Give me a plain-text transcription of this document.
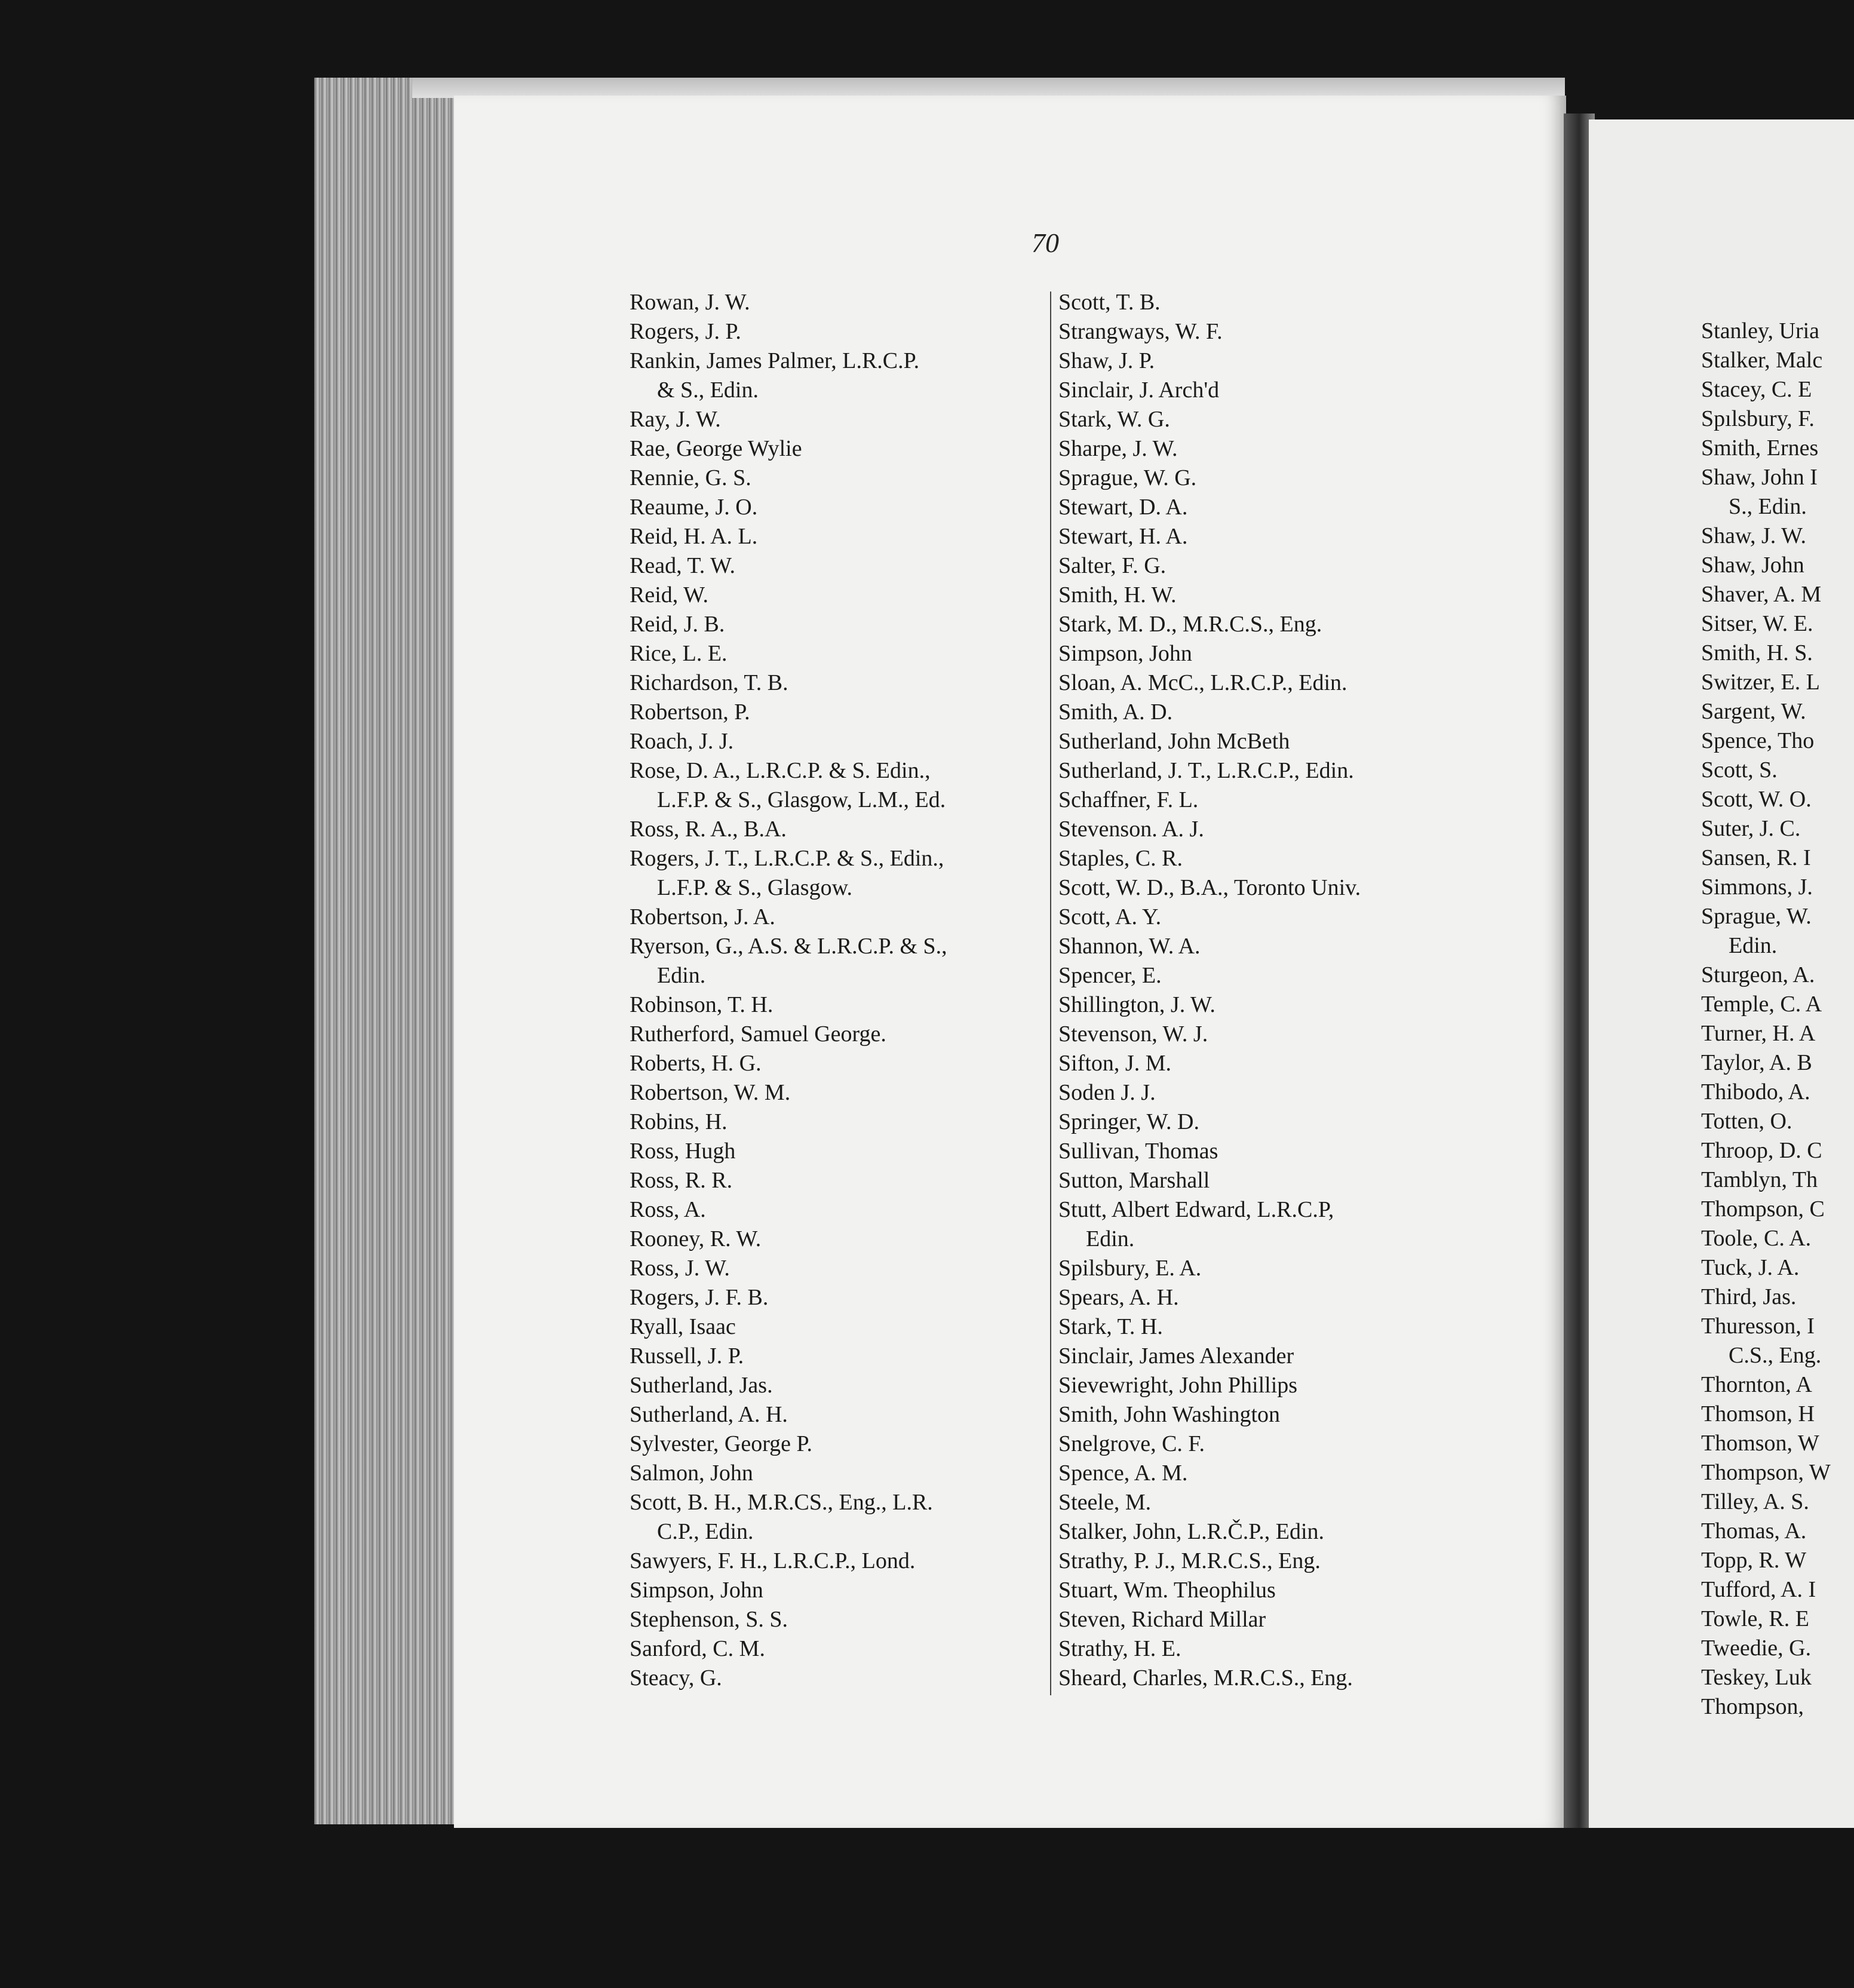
70
Rowan, J. W.
Rogers, J. P.
Rankin, James Palmer, L.R.C.P.
& S., Edin.
Ray, J. W.
Rae, George Wylie
Rennie, G. S.
Reaume, J. O.
Reid, H. A. L.
Read, T. W.
Reid, W.
Reid, J. B.
Rice, L. E.
Richardson, T. B.
Robertson, P.
Roach, J. J.
Rose, D. A., L.R.C.P. & S. Edin.,
L.F.P. & S., Glasgow, L.M., Ed.
Ross, R. A., B.A.
Rogers, J. T., L.R.C.P. & S., Edin.,
L.F.P. & S., Glasgow.
Robertson, J. A.
Ryerson, G., A.S. & L.R.C.P. & S.,
Edin.
Robinson, T. H.
Rutherford, Samuel George.
Roberts, H. G.
Robertson, W. M.
Robins, H.
Ross, Hugh
Ross, R. R.
Ross, A.
Rooney, R. W.
Ross, J. W.
Rogers, J. F. B.
Ryall, Isaac
Russell, J. P.
Sutherland, Jas.
Sutherland, A. H.
Sylvester, George P.
Salmon, John
Scott, B. H., M.R.CS., Eng., L.R.
C.P., Edin.
Sawyers, F. H., L.R.C.P., Lond.
Simpson, John
Stephenson, S. S.
Sanford, C. M.
Steacy, G.
Scott, T. B.
Strangways, W. F.
Shaw, J. P.
Sinclair, J. Arch'd
Stark, W. G.
Sharpe, J. W.
Sprague, W. G.
Stewart, D. A.
Stewart, H. A.
Salter, F. G.
Smith, H. W.
Stark, M. D., M.R.C.S., Eng.
Simpson, John
Sloan, A. McC., L.R.C.P., Edin.
Smith, A. D.
Sutherland, John McBeth
Sutherland, J. T., L.R.C.P., Edin.
Schaffner, F. L.
Stevenson. A. J.
Staples, C. R.
Scott, W. D., B.A., Toronto Univ.
Scott, A. Y.
Shannon, W. A.
Spencer, E.
Shillington, J. W.
Stevenson, W. J.
Sifton, J. M.
Soden J. J.
Springer, W. D.
Sullivan, Thomas
Sutton, Marshall
Stutt, Albert Edward, L.R.C.P,
Edin.
Spilsbury, E. A.
Spears, A. H.
Stark, T. H.
Sinclair, James Alexander
Sievewright, John Phillips
Smith, John Washington
Snelgrove, C. F.
Spence, A. M.
Steele, M.
Stalker, John, L.R.Č.P., Edin.
Strathy, P. J., M.R.C.S., Eng.
Stuart, Wm. Theophilus
Steven, Richard Millar
Strathy, H. E.
Sheard, Charles, M.R.C.S., Eng.
Stanley, Uria
Stalker, Malc
Stacey, C. E
Spılsbury, F.
Smith, Ernes
Shaw, John I
S., Edin.
Shaw, J. W.
Shaw, John
Shaver, A. M
Sitser, W. E.
Smith, H. S.
Switzer, E. L
Sargent, W.
Spence, Tho
Scott, S.
Scott, W. O.
Suter, J. C.
Sansen, R. I
Simmons, J.
Sprague, W.
Edin.
Sturgeon, A.
Temple, C. A
Turner, H. A
Taylor, A. B
Thibodo, A.
Totten, O.
Throop, D. C
Tamblyn, Th
Thompson, C
Toole, C. A.
Tuck, J. A.
Third, Jas.
Thuresson, I
C.S., Eng.
Thornton, A
Thomson, H
Thomson, W
Thompson, W
Tilley, A. S.
Thomas, A.
Topp, R. W
Tufford, A. I
Towle, R. E
Tweedie, G.
Teskey, Luk
Thompson,
